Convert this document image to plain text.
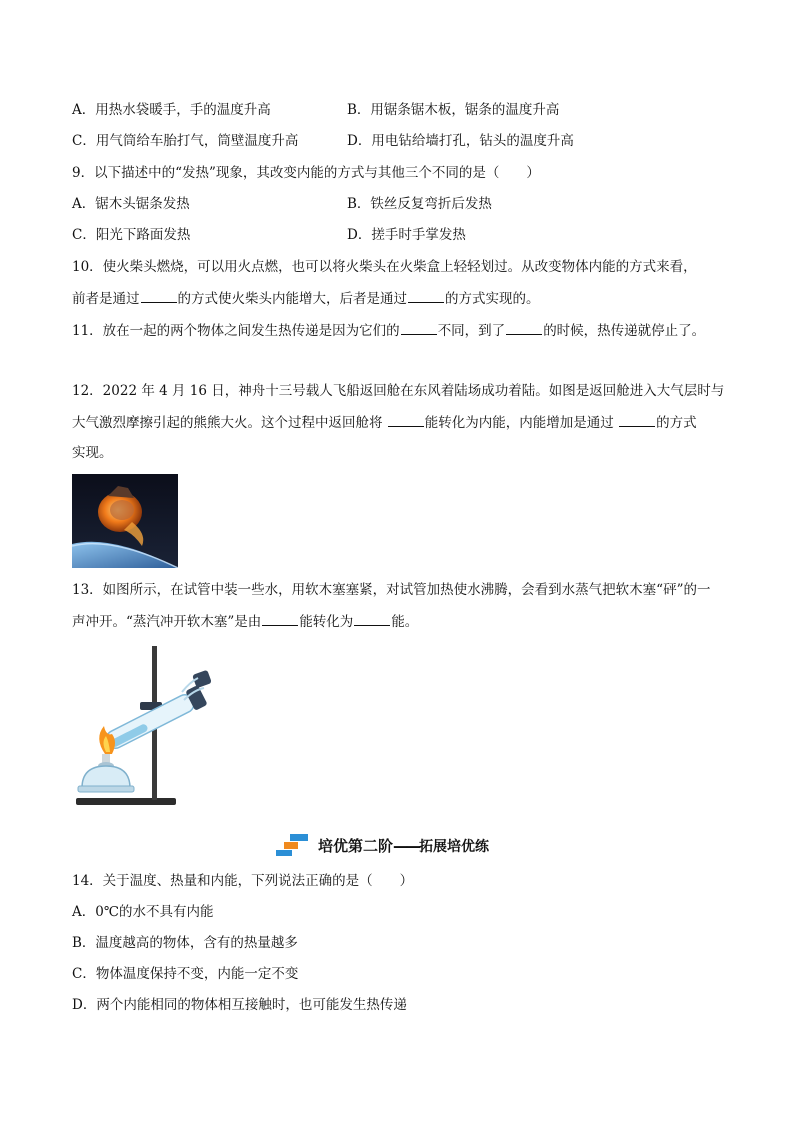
A．用热水袋暖手，手的温度升高	B．用锯条锯木板，锯条的温度升高
C．用气筒给车胎打气，筒壁温度升高	D．用电钻给墙打孔，钻头的温度升高
9．以下描述中的“发热”现象，其改变内能的方式与其他三个不同的是（　　）
A．锯木头锯条发热	B．铁丝反复弯折后发热
C．阳光下路面发热	D．搓手时手掌发热
10．使火柴头燃烧，可以用火点燃，也可以将火柴头在火柴盒上轻轻划过。从改变物体内能的方式来看，
前者是通过	的方式使火柴头内能增大，后者是通过	的方式实现的。
11．放在一起的两个物体之间发生热传递是因为它们的	不同，到了	的时候，热传递就停止了。
12．2022 年 4 月 16 日，神舟十三号载人飞船返回舱在东风着陆场成功着陆。如图是返回舱进入大气层时与
大气激烈摩擦引起的熊熊大火。这个过程中返回舱将	能转化为内能，内能增加是通过	的方式
实现。
13．如图所示，在试管中装一些水，用软木塞塞紧，对试管加热使水沸腾，会看到水蒸气把软木塞“砰”的一
声冲开。“蒸汽冲开软木塞”是由	能转化为	能。
培优第二阶——拓展培优练
14．关于温度、热量和内能，下列说法正确的是（　　）
A．0℃的水不具有内能
B．温度越高的物体，含有的热量越多
C．物体温度保持不变，内能一定不变
D．两个内能相同的物体相互接触时，也可能发生热传递
